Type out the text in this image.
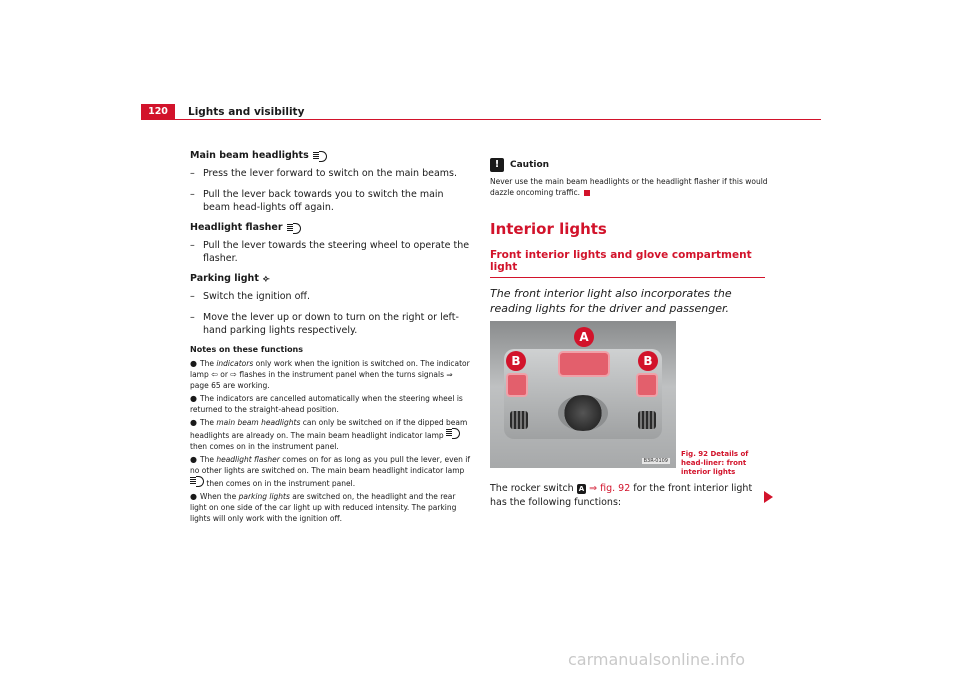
120	Lights and visibility
Main beam headlights
– Press the lever forward to switch on the main beams.
– Pull the lever back towards you to switch the main beam head-lights off again.
Headlight flasher
– Pull the lever towards the steering wheel to operate the flasher.
Parking light ⟣
– Switch the ignition off.
– Move the lever up or down to turn on the right or left-hand parking lights respectively.
Notes on these functions
● The indicators only work when the ignition is switched on. The indicator lamp ⇦ or ⇨ flashes in the instrument panel when the turns signals ⇒ page 65 are working.
● The indicators are cancelled automatically when the steering wheel is returned to the straight-ahead position.
● The main beam headlights can only be switched on if the dipped beam headlights are already on. The main beam headlight indicator lamp  then comes on in the instrument panel.
● The headlight flasher comes on for as long as you pull the lever, even if no other lights are switched on. The main beam headlight indicator lamp  then comes on in the instrument panel.
● When the parking lights are switched on, the headlight and the rear light on one side of the car light up with reduced intensity. The parking lights will only work with the ignition off.
!	Caution
Never use the main beam headlights or the headlight flasher if this would dazzle oncoming traffic.
Interior lights
Front interior lights and glove compartment light
The front interior light also incorporates the reading lights for the driver and passenger.
A
B	B
B3R-0109
Fig. 92 Details of head-liner: front interior lights
The rocker switch A ⇒ fig. 92 for the front interior light has the following functions:
carmanualsonline.info
